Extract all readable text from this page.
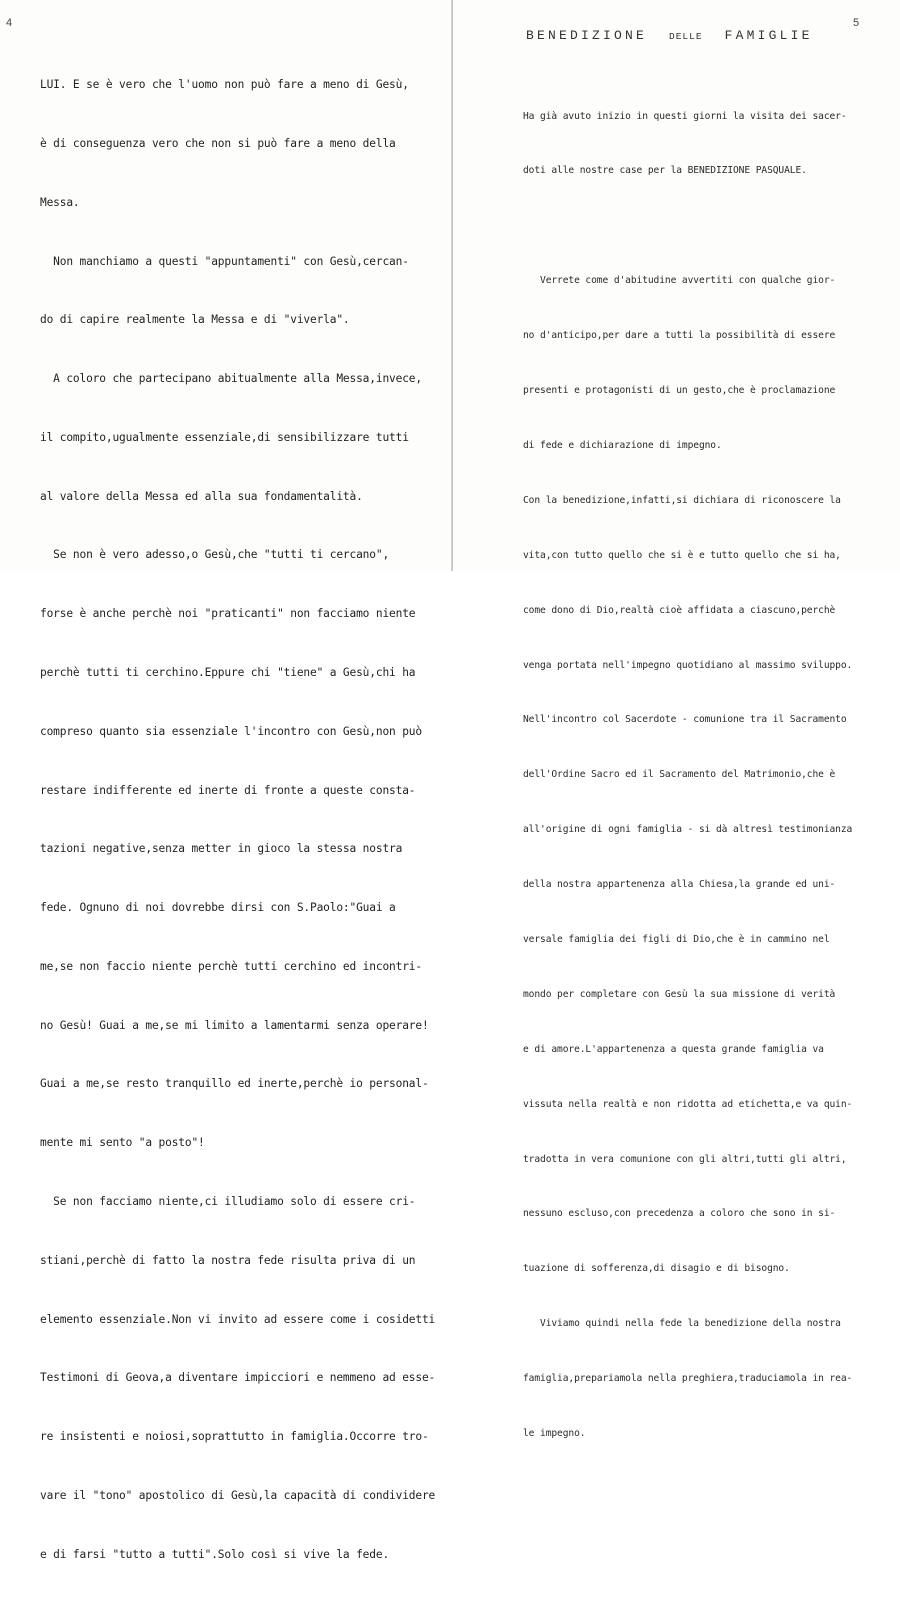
4

LUI. E se è vero che l'uomo non può fare a meno di Gesù,

è di conseguenza vero che non si può fare a meno della

Messa.

Non manchiamo a questi "appuntamenti" con Gesù,cercan-

do di capire realmente la Messa e di "viverla".

A coloro che partecipano abitualmente alla Messa,invece,

il compito,ugualmente essenziale,di sensibilizzare tutti

al valore della Messa ed alla sua fondamentalità.

Se non è vero adesso,o Gesù,che "tutti ti cercano",

forse è anche perchè noi "praticanti" non facciamo niente

perchè tutti ti cerchino.Eppure chi "tiene" a Gesù,chi ha

compreso quanto sia essenziale l'incontro con Gesù,non può

restare indifferente ed inerte di fronte a queste consta-

tazioni negative,senza metter in gioco la stessa nostra

fede. Ognuno di noi dovrebbe dirsi con S.Paolo:"Guai a

me,se non faccio niente perchè tutti cerchino ed incontri-

no Gesù! Guai a me,se mi limito a lamentarmi senza operare!

Guai a me,se resto tranquillo ed inerte,perchè io personal-

mente mi sento "a posto"!

Se non facciamo niente,ci illudiamo solo di essere cri-

stiani,perchè di fatto la nostra fede risulta priva di un

elemento essenziale.Non vi invito ad essere come i cosidetti

Testimoni di Geova,a diventare impicciori e nemmeno ad esse-

re insistenti e noiosi,soprattutto in famiglia.Occorre tro-

vare il "tono" apostolico di Gesù,la capacità di condividere

e di farsi "tutto a tutti".Solo così si vive la fede.

5
BENEDIZIONE DELLE FAMIGLIE

Ha già avuto inizio in questi giorni la visita dei sacer-

doti alle nostre case per la BENEDIZIONE PASQUALE.

Verrete come d'abitudine avvertiti con qualche gior-

no d'anticipo,per dare a tutti la possibilità di essere

presenti e protagonisti di un gesto,che è proclamazione

di fede e dichiarazione di impegno.

Con la benedizione,infatti,si dichiara di riconoscere la

vita,con tutto quello che si è e tutto quello che si ha,

come dono di Dio,realtà cioè affidata a ciascuno,perchè

venga portata nell'impegno quotidiano al massimo sviluppo.

Nell'incontro col Sacerdote - comunione tra il Sacramento

dell'Ordine Sacro ed il Sacramento del Matrimonio,che è

all'origine di ogni famiglia - si dà altresì testimonianza

della nostra appartenenza alla Chiesa,la grande ed uni-

versale famiglia dei figli di Dio,che è in cammino nel

mondo per completare con Gesù la sua missione di verità

e di amore.L'appartenenza a questa grande famiglia va

vissuta nella realtà e non ridotta ad etichetta,e va quin-

tradotta in vera comunione con gli altri,tutti gli altri,

nessuno escluso,con precedenza a coloro che sono in si-

tuazione di sofferenza,di disagio e di bisogno.

Viviamo quindi nella fede la benedizione della nostra

famiglia,prepariamola nella preghiera,traduciamola in rea-

le impegno.
